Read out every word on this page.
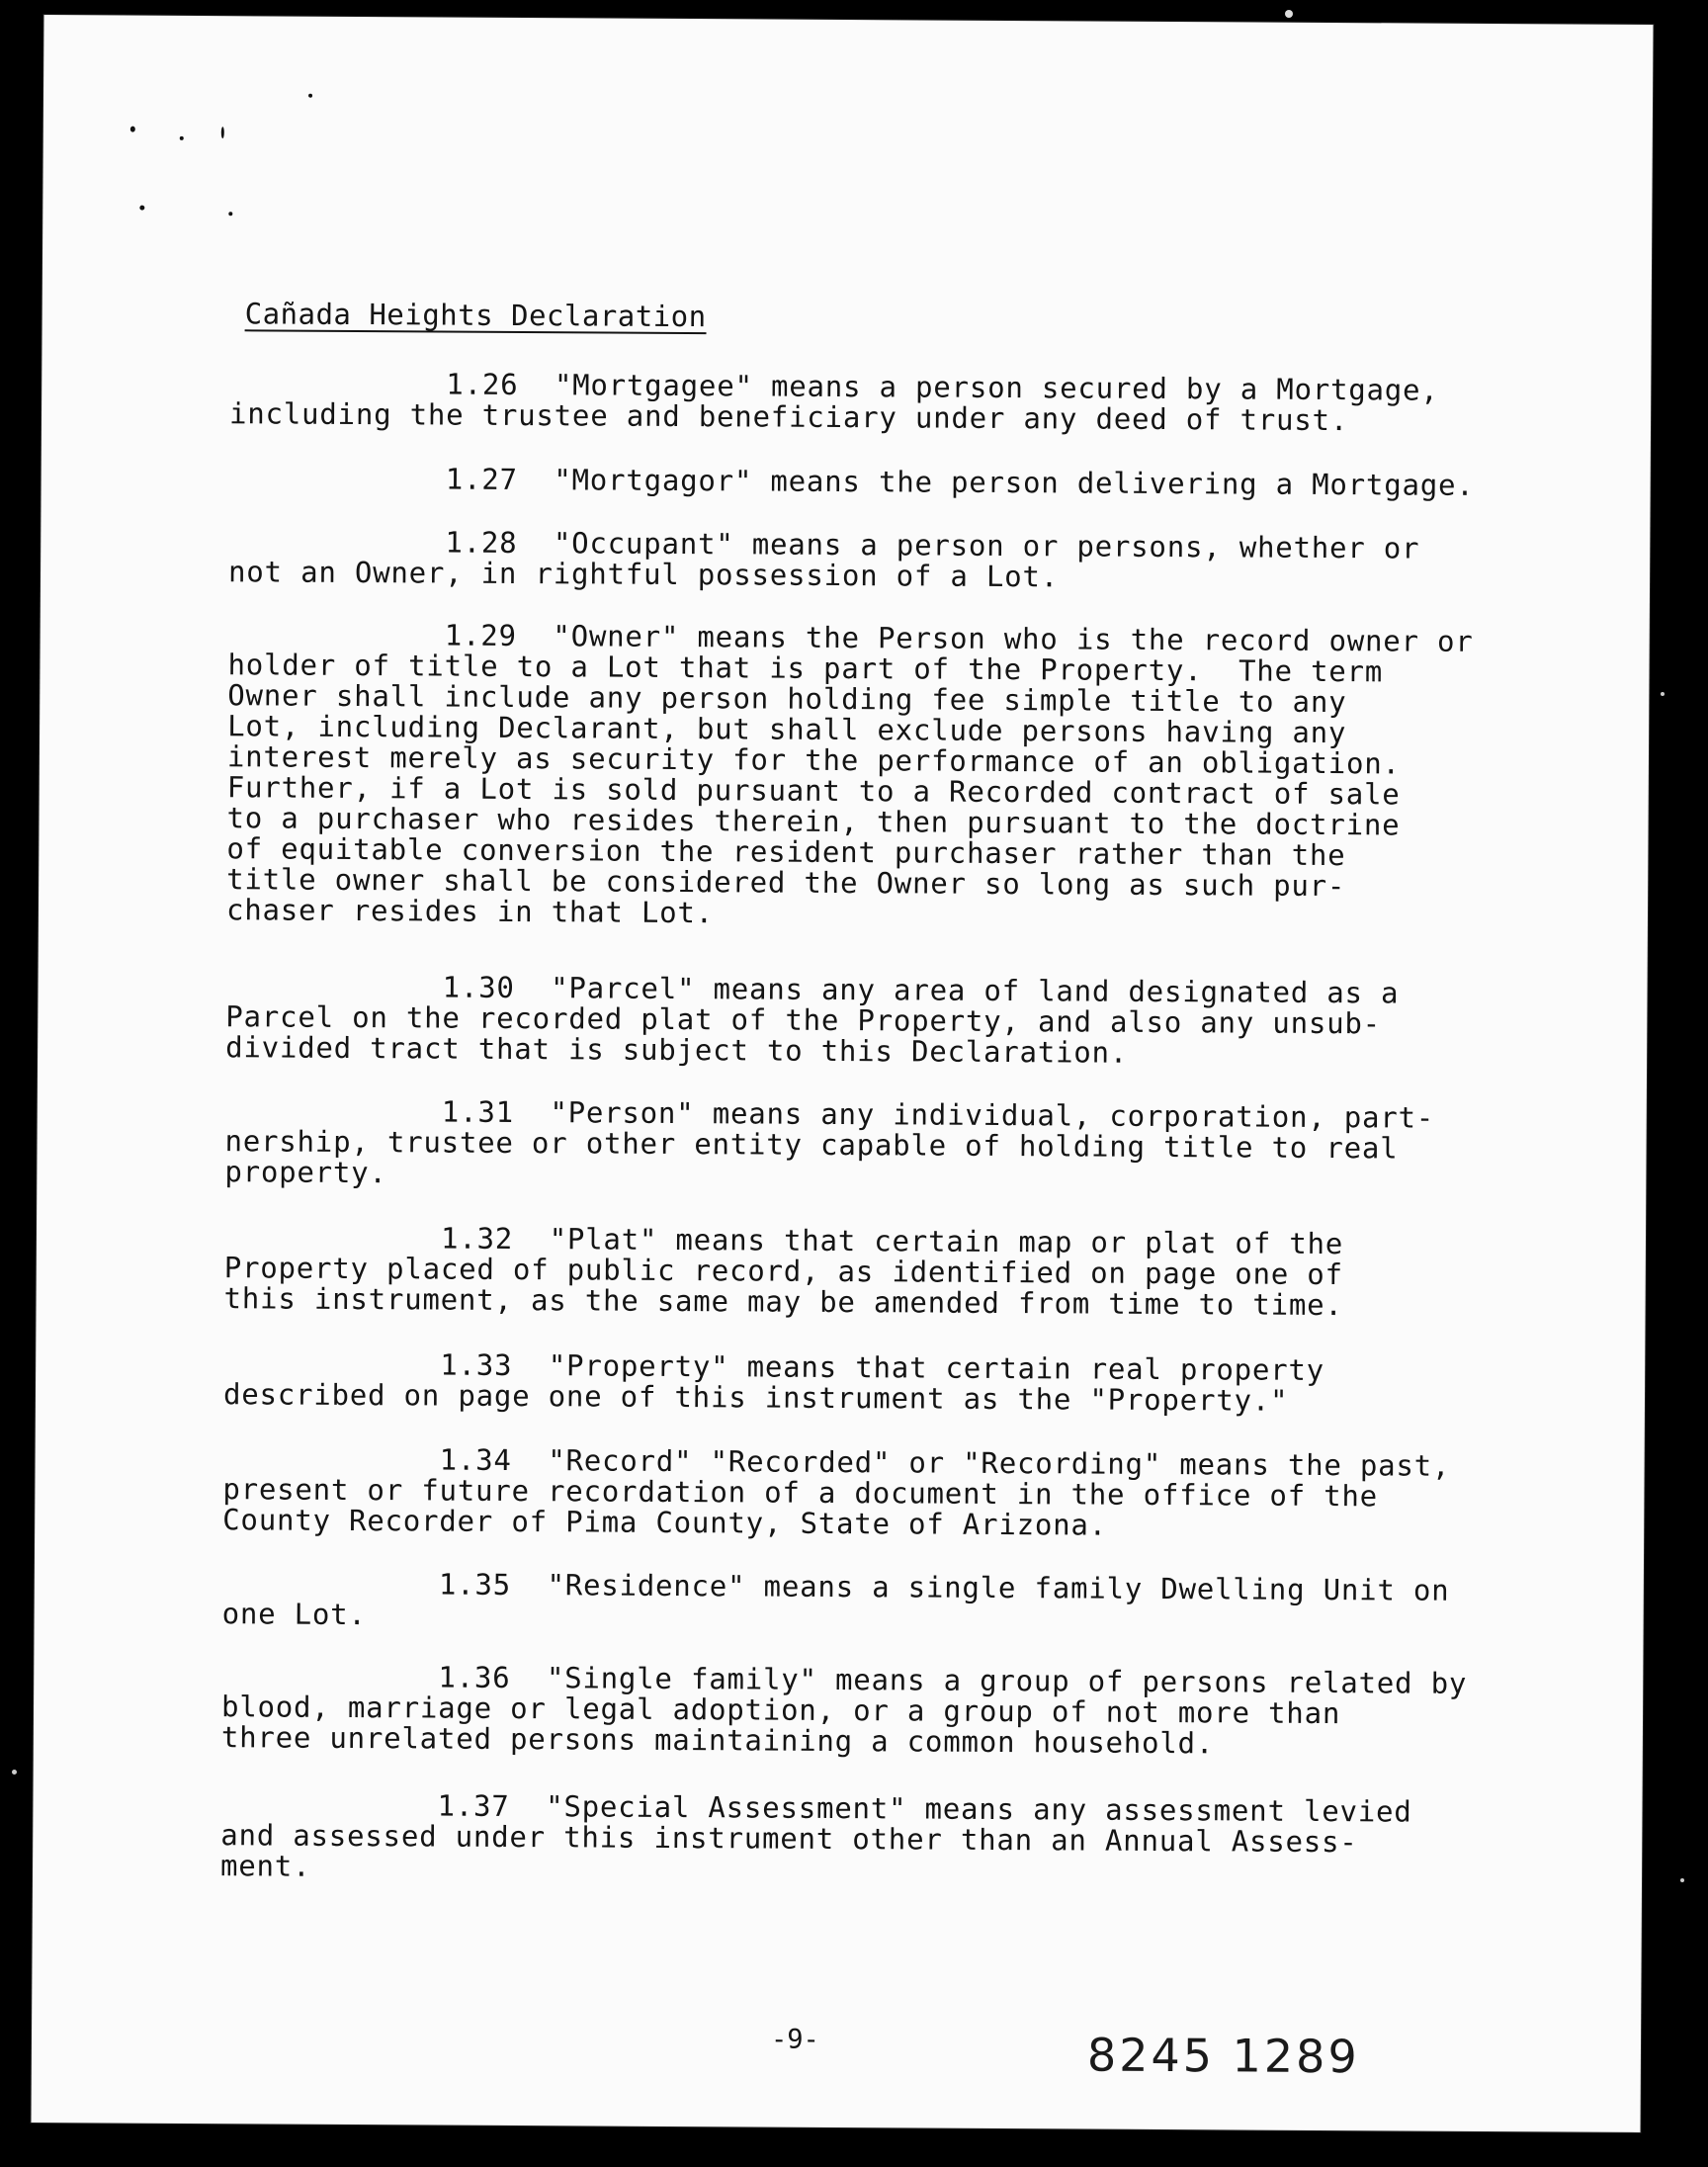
Cañada Heights Declaration
1.26  "Mortgagee" means a person secured by a Mortgage,
including the trustee and beneficiary under any deed of trust.
1.27  "Mortgagor" means the person delivering a Mortgage.
1.28  "Occupant" means a person or persons, whether or
not an Owner, in rightful possession of a Lot.
1.29  "Owner" means the Person who is the record owner or
holder of title to a Lot that is part of the Property.  The term
Owner shall include any person holding fee simple title to any
Lot, including Declarant, but shall exclude persons having any
interest merely as security for the performance of an obligation.
Further, if a Lot is sold pursuant to a Recorded contract of sale
to a purchaser who resides therein, then pursuant to the doctrine
of equitable conversion the resident purchaser rather than the
title owner shall be considered the Owner so long as such pur-
chaser resides in that Lot.
1.30  "Parcel" means any area of land designated as a
Parcel on the recorded plat of the Property, and also any unsub-
divided tract that is subject to this Declaration.
1.31  "Person" means any individual, corporation, part-
nership, trustee or other entity capable of holding title to real
property.
1.32  "Plat" means that certain map or plat of the
Property placed of public record, as identified on page one of
this instrument, as the same may be amended from time to time.
1.33  "Property" means that certain real property
described on page one of this instrument as the "Property."
1.34  "Record" "Recorded" or "Recording" means the past,
present or future recordation of a document in the office of the
County Recorder of Pima County, State of Arizona.
1.35  "Residence" means a single family Dwelling Unit on
one Lot.
1.36  "Single family" means a group of persons related by
blood, marriage or legal adoption, or a group of not more than
three unrelated persons maintaining a common household.
1.37  "Special Assessment" means any assessment levied
and assessed under this instrument other than an Annual Assess-
ment.
-9-	8245 1289
